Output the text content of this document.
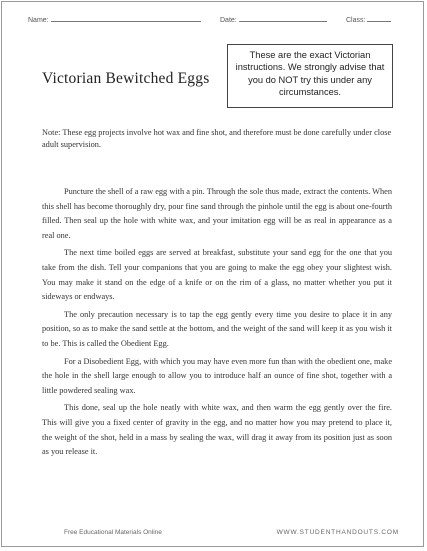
Name:	Date:	Class:
Victorian Bewitched Eggs
These are the exact Victorian instructions. We strongly advise that you do NOT try this under any circumstances.
Note: These egg projects involve hot wax and fine shot, and therefore must be done carefully under close adult supervision.

Puncture the shell of a raw egg with a pin. Through the sole thus made, extract the contents. When this shell has become thoroughly dry, pour fine sand through the pinhole until the egg is about one-fourth filled. Then seal up the hole with white wax, and your imitation egg will be as real in appearance as a real one.

The next time boiled eggs are served at breakfast, substitute your sand egg for the one that you take from the dish. Tell your companions that you are going to make the egg obey your slightest wish. You may make it stand on the edge of a knife or on the rim of a glass, no matter whether you put it sideways or endways.

The only precaution necessary is to tap the egg gently every time you desire to place it in any position, so as to make the sand settle at the bottom, and the weight of the sand will keep it as you wish it to be. This is called the Obedient Egg.

For a Disobedient Egg, with which you may have even more fun than with the obedient one, make the hole in the shell large enough to allow you to introduce half an ounce of fine shot, together with a little powdered sealing wax.

This done, seal up the hole neatly with white wax, and then warm the egg gently over the fire. This will give you a fixed center of gravity in the egg, and no matter how you may pretend to place it, the weight of the shot, held in a mass by sealing the wax, will drag it away from its position just as soon as you release it.

Free Educational Materials Online	WWW.STUDENTHANDOUTS.COM
